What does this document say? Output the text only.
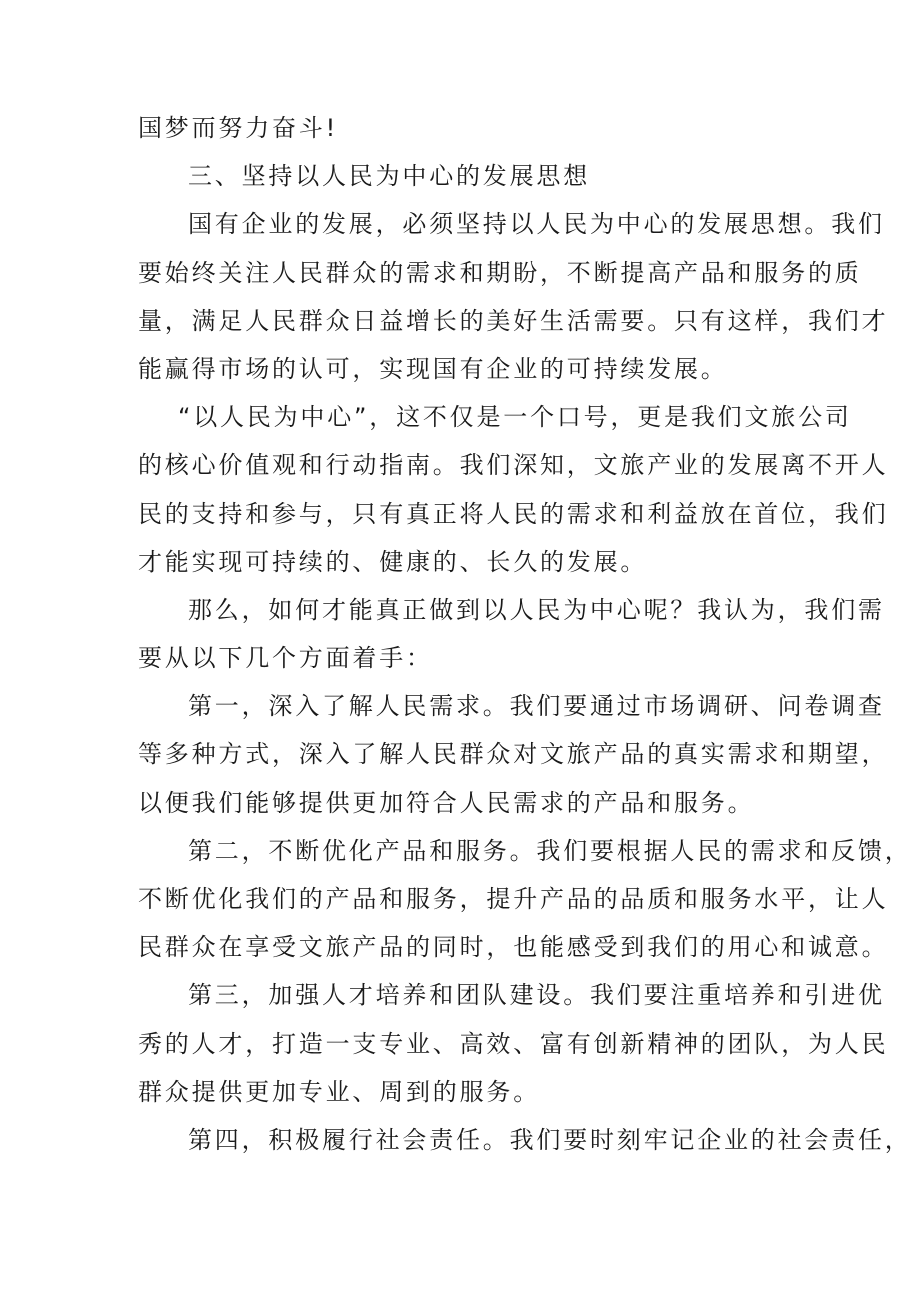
国梦而努力奋斗!
三、坚持以人民为中心的发展思想
国有企业的发展，必须坚持以人民为中心的发展思想。我们
要始终关注人民群众的需求和期盼，不断提高产品和服务的质
量，满足人民群众日益增长的美好生活需要。只有这样，我们才
能赢得市场的认可，实现国有企业的可持续发展。
“以人民为中心”，这不仅是一个口号，更是我们文旅公司
的核心价值观和行动指南。我们深知，文旅产业的发展离不开人
民的支持和参与，只有真正将人民的需求和利益放在首位，我们
才能实现可持续的、健康的、长久的发展。
那么，如何才能真正做到以人民为中心呢？我认为，我们需
要从以下几个方面着手：
第一，深入了解人民需求。我们要通过市场调研、问卷调查
等多种方式，深入了解人民群众对文旅产品的真实需求和期望，
以便我们能够提供更加符合人民需求的产品和服务。
第二，不断优化产品和服务。我们要根据人民的需求和反馈，
不断优化我们的产品和服务，提升产品的品质和服务水平，让人
民群众在享受文旅产品的同时，也能感受到我们的用心和诚意。
第三，加强人才培养和团队建设。我们要注重培养和引进优
秀的人才，打造一支专业、高效、富有创新精神的团队，为人民
群众提供更加专业、周到的服务。
第四，积极履行社会责任。我们要时刻牢记企业的社会责任，
